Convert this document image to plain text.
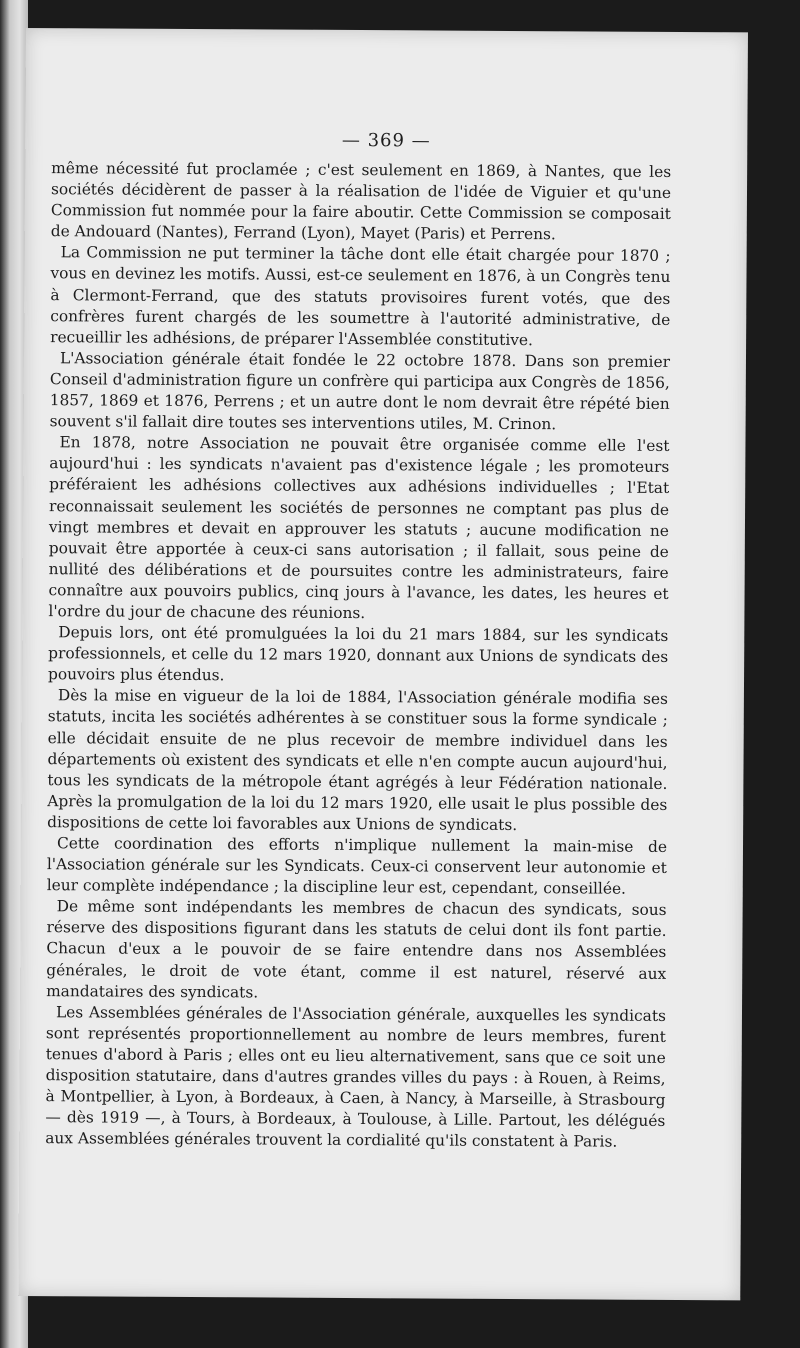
— 369 —

même nécessité fut proclamée ; c'est seulement en 1869, à Nantes, que les sociétés décidèrent de passer à la réalisation de l'idée de Viguier et qu'une Commission fut nommée pour la faire aboutir. Cette Commission se composait de Andouard (Nantes), Ferrand (Lyon), Mayet (Paris) et Perrens.

La Commission ne put terminer la tâche dont elle était chargée pour 1870 ; vous en devinez les motifs. Aussi, est-ce seulement en 1876, à un Congrès tenu à Clermont-Ferrand, que des statuts provisoires furent votés, que des confrères furent chargés de les soumettre à l'autorité administrative, de recueillir les adhésions, de préparer l'Assemblée constitutive.

L'Association générale était fondée le 22 octobre 1878. Dans son premier Conseil d'administration figure un confrère qui participa aux Congrès de 1856, 1857, 1869 et 1876, Perrens ; et un autre dont le nom devrait être répété bien souvent s'il fallait dire toutes ses interventions utiles, M. Crinon.

En 1878, notre Association ne pouvait être organisée comme elle l'est aujourd'hui : les syndicats n'avaient pas d'existence légale ; les promoteurs préféraient les adhésions collectives aux adhésions individuelles ; l'Etat reconnaissait seulement les sociétés de personnes ne comptant pas plus de vingt membres et devait en approuver les statuts ; aucune modification ne pouvait être apportée à ceux-ci sans autorisation ; il fallait, sous peine de nullité des délibérations et de poursuites contre les administrateurs, faire connaître aux pouvoirs publics, cinq jours à l'avance, les dates, les heures et l'ordre du jour de chacune des réunions.

Depuis lors, ont été promulguées la loi du 21 mars 1884, sur les syndicats professionnels, et celle du 12 mars 1920, donnant aux Unions de syndicats des pouvoirs plus étendus.

Dès la mise en vigueur de la loi de 1884, l'Association générale modifia ses statuts, incita les sociétés adhérentes à se constituer sous la forme syndicale ; elle décidait ensuite de ne plus recevoir de membre individuel dans les départements où existent des syndicats et elle n'en compte aucun aujourd'hui, tous les syndicats de la métropole étant agrégés à leur Fédération nationale. Après la promulgation de la loi du 12 mars 1920, elle usait le plus possible des dispositions de cette loi favorables aux Unions de syndicats.

Cette coordination des efforts n'implique nullement la main-mise de l'Association générale sur les Syndicats. Ceux-ci conservent leur autonomie et leur complète indépendance ; la discipline leur est, cependant, conseillée.

De même sont indépendants les membres de chacun des syndicats, sous réserve des dispositions figurant dans les statuts de celui dont ils font partie. Chacun d'eux a le pouvoir de se faire entendre dans nos Assemblées générales, le droit de vote étant, comme il est naturel, réservé aux mandataires des syndicats.

Les Assemblées générales de l'Association générale, auxquelles les syndicats sont représentés proportionnellement au nombre de leurs membres, furent tenues d'abord à Paris ; elles ont eu lieu alternativement, sans que ce soit une disposition statutaire, dans d'autres grandes villes du pays : à Rouen, à Reims, à Montpellier, à Lyon, à Bordeaux, à Caen, à Nancy, à Marseille, à Strasbourg — dès 1919 —, à Tours, à Bordeaux, à Toulouse, à Lille. Partout, les délégués aux Assemblées générales trouvent la cordialité qu'ils constatent à Paris.
